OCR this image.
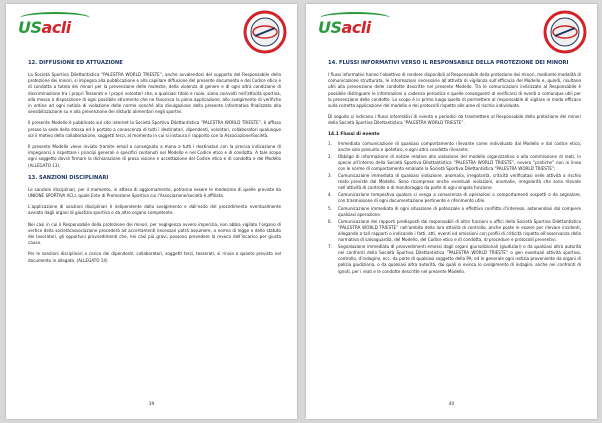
USacli
12. DIFFUSIONE ED ATTUAZIONE
La Società Sportiva Dilettantistica “PALESTRA WORLD TRIESTE”, anche avvalendosi del supporto del Responsabile della protezione dei minori, si impegna alla pubblicazione e alla capillare diffusione del presente documento e del Codice etico e di condotta a tutela dei minori per la prevenzione delle molestie, della violenza di genere e di ogni altra condizione di discriminazione tra i propri Tesserati e i propri volontari che, a qualsiasi titolo e ruolo, siano coinvolti nell’attività sportiva, alla messa a disposizione di ogni possibile strumento che ne favorisca la piena applicazione, allo svolgimento di verifiche in ordine ad ogni notizia di violazione delle norme nonché alla divulgazione della presente informativa finalizzata alla sensibilizzazione su e alla prevenzione dei disturbi alimentari negli sportivi.
Il presente Modello è pubblicato sul sito internet la Società Sportiva Dilettantistica “PALESTRA WORLD TRIESTE”, è affisso presso la sede della stessa ed è portato a conoscenza di tutti i destinatari, dipendenti, volontari, collaboratori qualunque sia il motivo della collaborazione, soggetti terzi, al momento in cui si instaura il rapporto con la Associazione/Società.
Il presente Modello viene inviato tramite email o consegnato a mano a tutti i destinatari con la precisa indicazione di impegnarsi a rispettare i principi generali e specifici contenuti nel Modello e nel Codice etico e di condotta. A tale scopo ogni soggetto dovrà firmare la dichiarazione di presa visione e accettazione del Codice etico e di condotta e del Modello (ALLEGATO 13).
13. SANZIONI DISCIPLINARI
Le sanzioni disciplinari, per il momento, in attesa di aggiornamento, potranno essere le medesime di quelle previste da UNIONE SPORTIVA ACLI, quale Ente di Promozione Sportiva cui l’Associazione/società è affiliata.
L’applicazione di sanzioni disciplinari è indipendente dallo svolgimento e dall’esito del procedimento eventualmente avviato dagli organi di giustizia sportiva o da altro organo competente.
Nei casi in cui il Responsabile della protezione dei minori, per negligenza ovvero imperizia, non abbia vigilato l’organo di vertice della società/associazione procederà ad accertamenti necessari potrà assumere, a norma di legge e dello statuto dei lavoratori, gli opportuni provvedimenti che, nei casi più gravi, possono prevedere la revoca dell’incarico per giusta causa.
Per le sanzioni disciplinari a carico dei dipendenti, collaboratori, soggetti terzi, tesserati, si rinvia a quanto previsto nel documento in allegato. (ALLEGATO 14)
39
USacli
14. FLUSSI INFORMATIVI VERSO IL RESPONSABILE DELLA PROTEZIONE DEI MINORI
I flussi informativi hanno l’obiettivo di rendere disponibili al Responsabile della protezione dei minori, mediante modalità di comunicazione strutturata, le informazioni necessarie all’attività di vigilanza sull’efficacia del Modello e, quindi, risultano utili alla prevenzione delle condotte descritte nel presente Modello. Tra le comunicazioni indirizzate al Responsabile è possibile distinguere le informazioni a cadenza periodica e quelle conseguenti al verificarsi di eventi o comunque utili per la prevenzione delle condotte. Lo scopo è in primo luogo quello di permettere al responsabile di vigilare in modo efficace sulla corretta applicazione del modello e dei protocolli rispetto alle aree di rischio individuate.
Di seguito si indicano i flussi informativi di evento e periodici da trasmettere al Responsabile della protezione dei minori della Società Sportiva Dilettantistica “PALESTRA WORLD TRIESTE”.
14.1 Flussi di evento
1. Immediata comunicazione di qualsiasi comportamento rilevante come individuato dal Modello e dal codice etico, anche solo presunto o ipotetico, e ogni altra condotta rilevante;
2. Obbligo di informazione di notizie relative alla violazione del modello organizzativo o alla commissione di reati, in specie all’interno della Società Sportiva Dilettantistica “PALESTRA WORLD TRIESTE”, ovvero “pratiche” non in linea con le norme di comportamento emanate la Società Sportiva Dilettantistica “PALESTRA WORLD TRIESTE”;
3. Comunicazione immediata di qualsiasi violazione, anomalia, irregolarità, criticità verificatasi nelle attività a rischio reato previste dal Modello. Sono ricomprese anche eventuali violazioni, anomalie, irregolarità che sono rilevate nell’attività di controllo e di monitoraggio da parte di ogni singola funzione.
4. Comunicazione tempestiva qualora si venga a conoscenza di operazioni o comportamenti sospetti o da segnalare, con trasmissione di ogni documentazione pertinente e riferimento utile.
5. Comunicazione immediata di ogni situazione di potenziale o effettivo conflitto d’interessi, astenendosi dal compiere qualsiasi operazione.
6. Comunicazione dei rapporti predisposti dai responsabili di altre funzioni o uffici della Società Sportiva Dilettantistica “PALESTRA WORLD TRIESTE” nell’ambito della loro attività di controllo, anche poste in essere per rilevare incidenti, allegando a tali rapporti o indicando i fatti, atti, eventi ed omissioni con profili di criticità rispetto all’osservanza della normativa di salvaguardia, del Modello, del Codice etico e di condotta, di procedure e protocolli preventivi.
7. Segnalazione immediata di provvedimenti emessi dagli organi giurisdizionali (giudiziari) o da qualsiasi altra autorità nei confronti della Società Sportiva Dilettantistica “PALESTRA WORLD TRIESTE” o gen eventuali attività sportiva, controllo, d’indagine, ecc. da parte di qualsiasi soggetto della PA; ed in generale ogni notizia proveniente da organi di polizia giudiziaria, o da qualsiasi altra autorità, dai quali si evinca lo svolgimento di indagini, anche nei confronti di ignoti, per i reati e le condotte descritte nel presente Modello.
40
